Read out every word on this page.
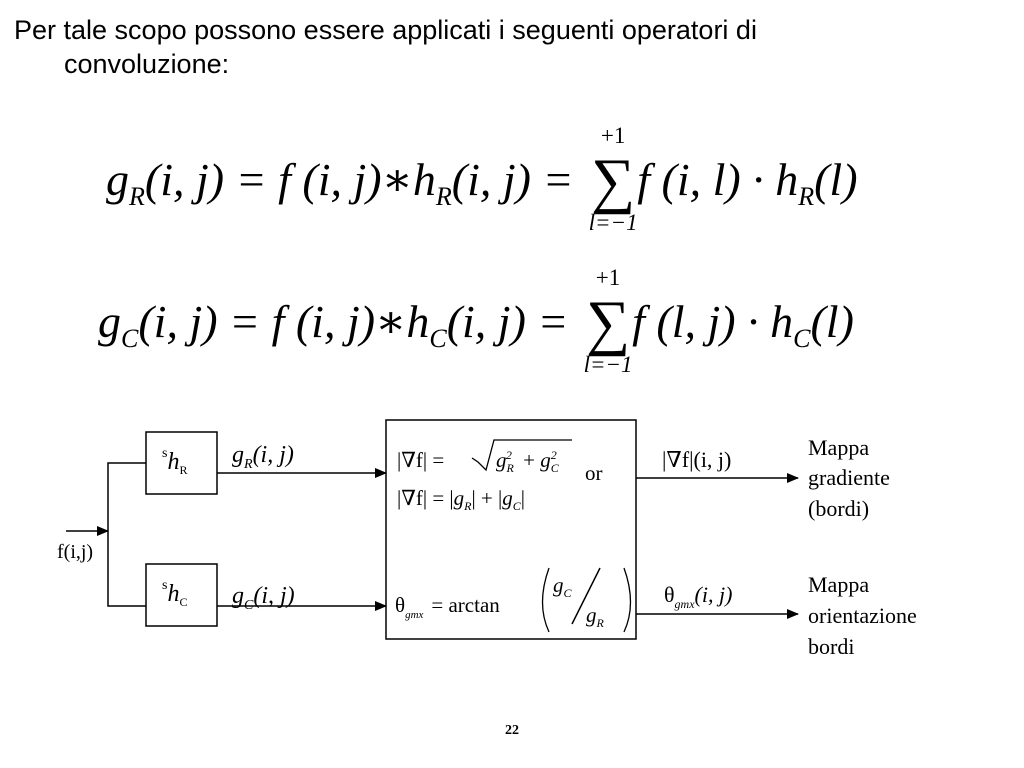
Per tale scopo possono essere applicati i seguenti operatori di
convoluzione:
$g_R(i$, j) = f (i, $j)∗h_R(i$, j) = ∑
+1
l=−1
f (i, $l) \cdot h_R(l)$
$g_C(i$, j) = f (i, $j)∗h_C(i$, j) = ∑
+1
l=−1
f (l, $j) \cdot h_C(l)$
f(i,j)
$sh_R$
$sh_C$
$g_R(i$, j)
$g_C(i$, j)
$|\nabla f| = g_R2 + g_C2$
or
$|\nabla f| = |g_R| + |g_C|$
$\theta_{gmx} = \arctan$
$g_C$
$g_R$
|∇f|(i, j)
$\theta_{gmx}(i$, j)
Mappa
gradiente
(bordi)
Mappa
orientazione
bordi
22
